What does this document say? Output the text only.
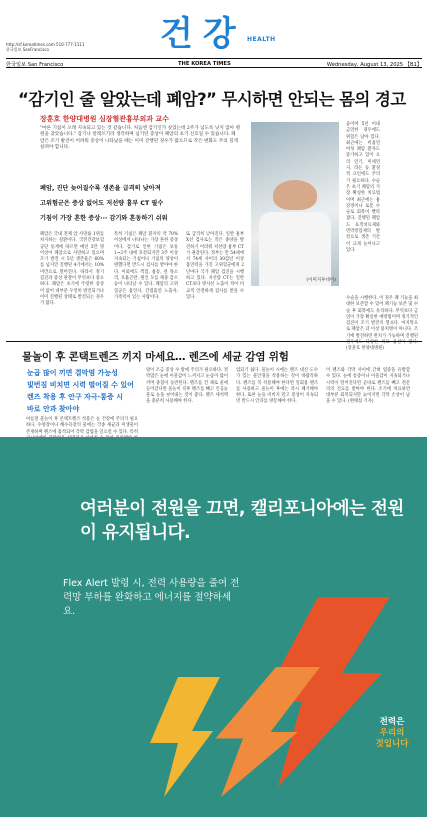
건강 HEALTH
http://sf.koreatimes.com 510-777-1111
한국일보 SanFrancisco
한국일보 San Francisco	THE KOREA TIMES	Wednesday, August 13, 2025 【B1】
“감기인 줄 알았는데 폐암?” 무시하면 안되는 몸의 경고
장훈호 한양대병원 심장혈관흉부외과 교수
"마른 기침이 오래 지속되고 있는 것 같습니다. 처음엔 감기인가 싶었는데 2주가 넘도록 낫지 않아 병원을 찾았습니다." 감기나 알레르기라 생각하며 넘기던 증상이 폐암의 초기 신호일 수 있습니다. 폐암은 조기 발견이 어려워 증상이 나타났을 때는 이미 진행된 경우가 많으므로 작은 변화도 주의 깊게 살펴야 합니다.
폐암, 진단 늦어질수록 생존율 급격히 낮아져
고위험군은 증상 없어도 저선량 흉부 CT 필수
기침이 가장 흔한 증상··· 감기와 혼동하기 쉬워
(이미지투데이)
폐암은 국내 전체 암 사망률 1위를 차지하는 질환이다. 국민건강보험공단 통계에 따르면 매년 3만 명 이상이 폐암으로 사망하고 있으며 조기 발견 시 5년 생존율은 60%를 넘지만 진행된 4기에서는 10% 미만으로 떨어진다. 따라서 정기 검진과 증상 관찰이 무엇보다 중요하다. 폐암은 초기에 뚜렷한 증상이 없어 대부분 우연히 발견되거나 이미 진행된 상태로 발견되는 경우가 많다.
특히 기침은 폐암 환자의 약 70% 이상에서 나타나는 가장 흔한 증상이다. 감기로 인한 기침은 보통 1~2주 내에 호전되지만 3주 이상 지속되는 기침이나 기침의 양상이 변했다면 반드시 검사를 받아야 한다. 이외에도 객혈, 흉통, 쉰 목소리, 호흡곤란, 원인 모를 체중 감소 등이 나타날 수 있다. 폐암의 고위험군은 흡연자, 간접흡연 노출자, 가족력이 있는 사람이다.
또 급격히 낮아진다. 일반 흉부 X선 검사로는 작은 종양을 발견하기 어려워 저선량 흉부 CT가 권장된다. 정부는 만 54세에서 74세 사이의 30갑년 이상 흡연력을 가진 고위험군에게 2년마다 국가 폐암 검진을 시행하고 있다. 저선량 CT는 일반 CT보다 방사선 노출이 적어 비교적 안전하게 검사를 받을 수 있다.
음이며 5년 이내 금연한 경우에도 위험은 남아 있다. 최근에는 비흡연 여성 폐암 환자도 증가하고 있어 요리 연기, 미세먼지, 라돈 등 환경적 요인에도 주의가 필요하다. 수술은 초기 폐암의 가장 확실한 치료법이며 최근에는 흉강경이나 로봇 수술로 회복이 빨라졌다. 진행된 폐암도 표적치료제와 면역항암제의 발전으로 생존 기간이 크게 늘어나고 있다.
수술을 시행한다. 이 경우 폐 기능을 최대한 보존할 수 있어 폐기능 보존 및 수술 후 회복에도 유리하다. 무엇보다 금연이 가장 확실한 예방법이며 정기적인 검진이 조기 발견의 열쇠다. 마지막으로 폐암은 더 이상 불치병이 아니다. 조기에 발견하면 완치가 가능하며 진행된 경우에도 다양한 치료 옵션이 있다. (장훈호 한양대병원)
물놀이 후 콘택트렌즈 끼지 마세요… 렌즈에 세균 감염 위험
눈곱 많이 끼면 결막염 가능성
빛번짐 비치면 시력 떨어질 수 있어
렌즈 착용 후 안구 자극·통증 시
바로 안과 찾아야
여름철 물놀이 후 콘택트렌즈 착용은 눈 건강에 주의가 필요하다. 수영장이나 해수욕장의 물에는 각종 세균과 미생물이 존재하며 렌즈에 흡착되어 각막 감염을 일으킬 수 있다. 특히
양이 조금 증상 수 밖에 주의가 필요하다. 결막염은 눈에 이물감이 느껴지고 눈곱이 많이 끼며 충혈이 동반된다. 렌즈를 낀 채로 물에 들어갔다면 물놀이 직후 렌즈를 빼고 인공눈물로 눈을 씻어내는 것이 좋다. 렌즈 세척액을 충분히 사용해야 한다.
염되기 쉽다. 물놀이 시에는 렌즈 대신 도수가 있는 물안경을 착용하는 것이 바람직하다. 렌즈를 꼭 착용해야 한다면 일회용 렌즈를 사용하고 물놀이 후에는 즉시 폐기해야 한다. 또한 눈을 비비지 말고 증상이 지속되면 반드시 안과를 방문해야 한다.
이 렌즈와 각막 사이에 갇혀 염증을 유발할 수 있다. 눈에 통증이나 이물감이 지속되거나 시력이 떨어진다면 곧바로 렌즈를 빼고 전문의의 진료를 받아야 한다. 조기에 치료하면 대부분 회복되지만 늦어지면 각막 손상이 남을 수 있다. (변태섭 기자)
여러분이 전원을 끄면, 캘리포니아에는 전원이 유지됩니다.
Flex Alert 발령 시, 전력 사용량을 줄여 전력망 부하를 완화하고 에너지를 절약하세요.
전력은
우리의
것입니다
